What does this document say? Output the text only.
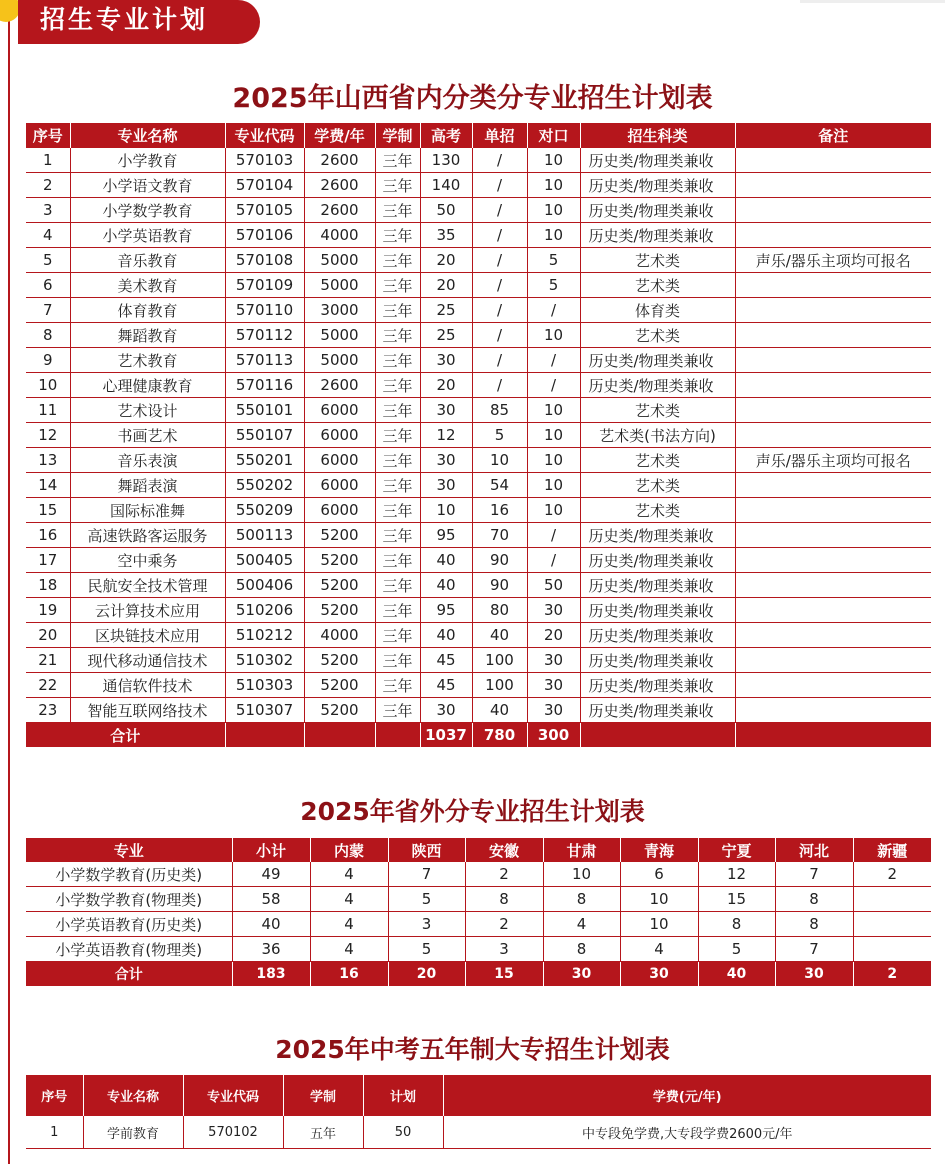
招生专业计划
2025年山西省内分类分专业招生计划表
序号	专业名称	专业代码	学费/年	学制	高考	单招	对口	招生科类	备注
1	小学教育	570103	2600	三年	130	/	10	历史类/物理类兼收	
2	小学语文教育	570104	2600	三年	140	/	10	历史类/物理类兼收	
3	小学数学教育	570105	2600	三年	50	/	10	历史类/物理类兼收	
4	小学英语教育	570106	4000	三年	35	/	10	历史类/物理类兼收	
5	音乐教育	570108	5000	三年	20	/	5	艺术类	声乐/器乐主项均可报名
6	美术教育	570109	5000	三年	20	/	5	艺术类	
7	体育教育	570110	3000	三年	25	/	/	体育类	
8	舞蹈教育	570112	5000	三年	25	/	10	艺术类	
9	艺术教育	570113	5000	三年	30	/	/	历史类/物理类兼收	
10	心理健康教育	570116	2600	三年	20	/	/	历史类/物理类兼收	
11	艺术设计	550101	6000	三年	30	85	10	艺术类	
12	书画艺术	550107	6000	三年	12	5	10	艺术类(书法方向)	
13	音乐表演	550201	6000	三年	30	10	10	艺术类	声乐/器乐主项均可报名
14	舞蹈表演	550202	6000	三年	30	54	10	艺术类	
15	国际标准舞	550209	6000	三年	10	16	10	艺术类	
16	高速铁路客运服务	500113	5200	三年	95	70	/	历史类/物理类兼收	
17	空中乘务	500405	5200	三年	40	90	/	历史类/物理类兼收	
18	民航安全技术管理	500406	5200	三年	40	90	50	历史类/物理类兼收	
19	云计算技术应用	510206	5200	三年	95	80	30	历史类/物理类兼收	
20	区块链技术应用	510212	4000	三年	40	40	20	历史类/物理类兼收	
21	现代移动通信技术	510302	5200	三年	45	100	30	历史类/物理类兼收	
22	通信软件技术	510303	5200	三年	45	100	30	历史类/物理类兼收	
23	智能互联网络技术	510307	5200	三年	30	40	30	历史类/物理类兼收	
合计					1037	780	300		
2025年省外分专业招生计划表
专业	小计	内蒙	陕西	安徽	甘肃	青海	宁夏	河北	新疆
小学数学教育(历史类)	49	4	7	2	10	6	12	7	2
小学数学教育(物理类)	58	4	5	8	8	10	15	8	
小学英语教育(历史类)	40	4	3	2	4	10	8	8	
小学英语教育(物理类)	36	4	5	3	8	4	5	7	
合计	183	16	20	15	30	30	40	30	2
2025年中考五年制大专招生计划表
序号	专业名称	专业代码	学制	计划	学费(元/年)
1	学前教育	570102	五年	50	中专段免学费,大专段学费2600元/年
